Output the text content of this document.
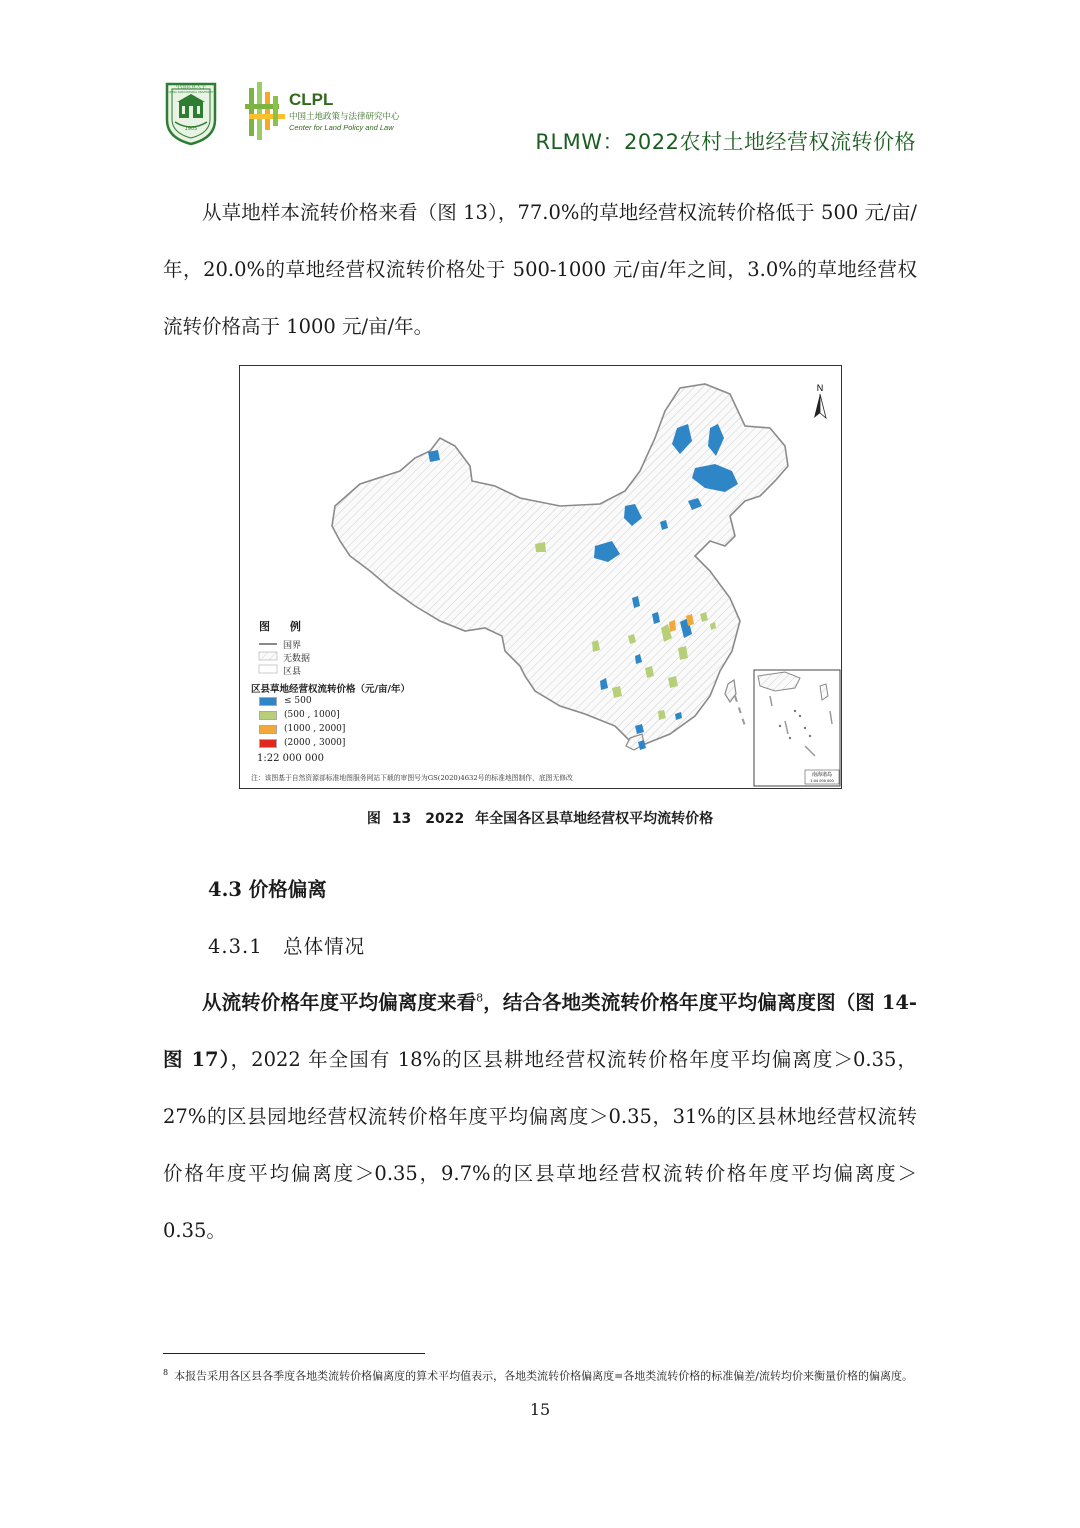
1905
中国农业大学
CHINA AGRICULTURAL UNIVERSITY	CLPL
中国土地政策与法律研究中心
Center for Land Policy and Law
RLMW：2022农村土地经营权流转价格

从草地样本流转价格来看（图 13），77.0%的草地经营权流转价格低于 500 元/亩/年，20.0%的草地经营权流转价格处于 500-1000 元/亩/年之间，3.0%的草地经营权流转价格高于 1000 元/亩/年。

南海诸岛
1:44 000 000
N
图 例
国界
无数据
区县
区县草地经营权流转价格（元/亩/年）
≤ 500
(500 , 1000]
(1000 , 2000]
(2000 , 3000]
1:22 000 000
注：该图基于自然资源部标准地图服务网站下载的审图号为GS(2020)4632号的标准地图制作，底图无修改
图 13　2022 年全国各区县草地经营权平均流转价格
4.3 价格偏离
4.3.1　总体情况

从流转价格年度平均偏离度来看$^8$，结合各地类流转价格年度平均偏离度图（图 14-图 17），2022 年全国有 18%的区县耕地经营权流转价格年度平均偏离度＞0.35，27%的区县园地经营权流转价格年度平均偏离度＞0.35，31%的区县林地经营权流转价格年度平均偏离度＞0.35，9.7%的区县草地经营权流转价格年度平均偏离度＞0.35。

$^8$ 本报告采用各区县各季度各地类流转价格偏离度的算术平均值表示，各地类流转价格偏离度=各地类流转价格的标准偏差/流转均价来衡量价格的偏离度。
15
